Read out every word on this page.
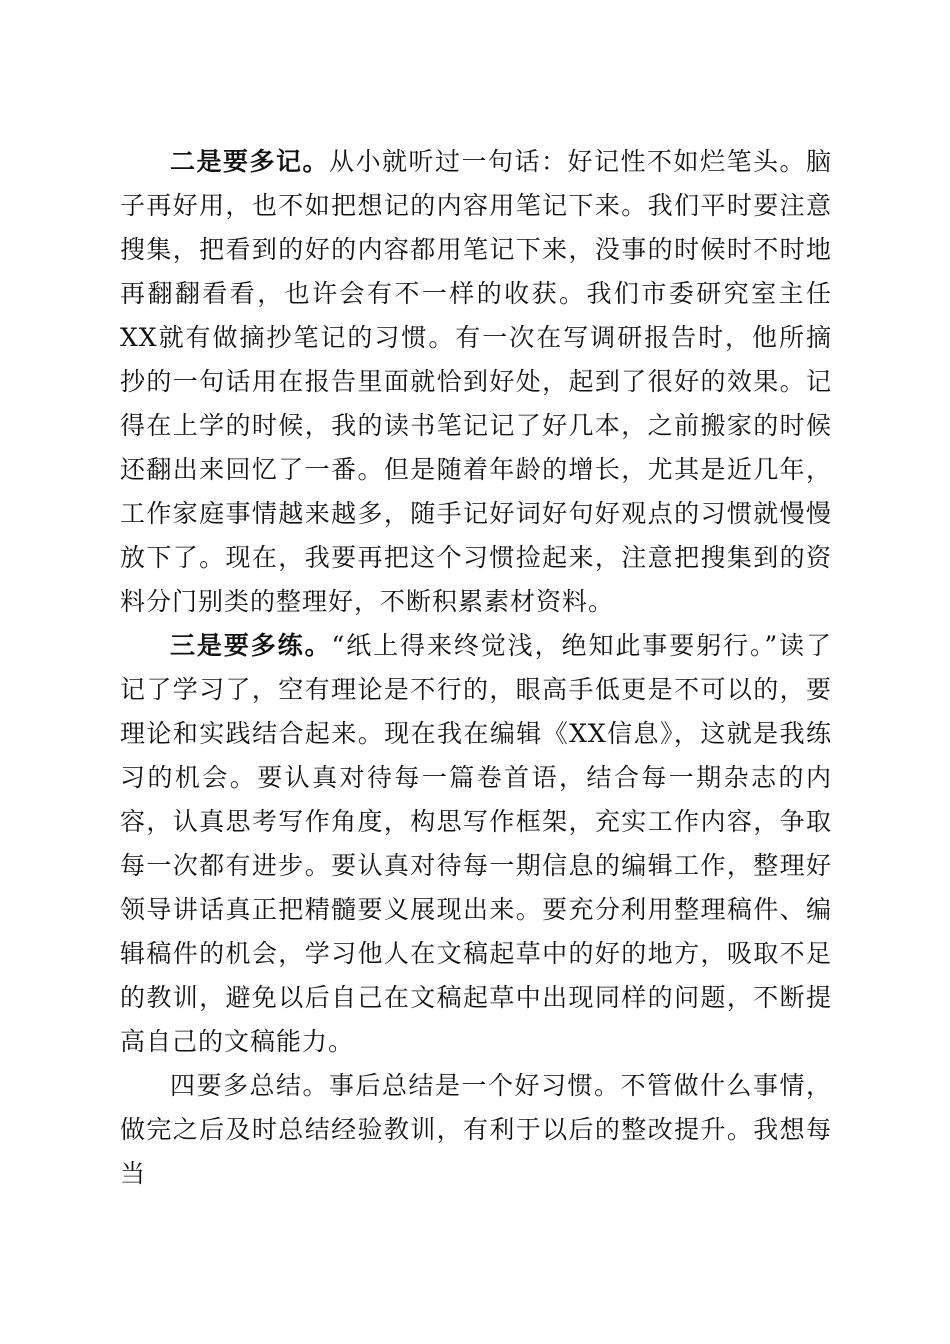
二是要多记。从小就听过一句话：好记性不如烂笔头。脑子再好用，也不如把想记的内容用笔记下来。我们平时要注意搜集，把看到的好的内容都用笔记下来，没事的时候时不时地再翻翻看看，也许会有不一样的收获。我们市委研究室主任XX就有做摘抄笔记的习惯。有一次在写调研报告时，他所摘抄的一句话用在报告里面就恰到好处，起到了很好的效果。记得在上学的时候，我的读书笔记记了好几本，之前搬家的时候还翻出来回忆了一番。但是随着年龄的增长，尤其是近几年，工作家庭事情越来越多，随手记好词好句好观点的习惯就慢慢放下了。现在，我要再把这个习惯捡起来，注意把搜集到的资料分门别类的整理好，不断积累素材资料。

三是要多练。“纸上得来终觉浅，绝知此事要躬行。”读了记了学习了，空有理论是不行的，眼高手低更是不可以的，要理论和实践结合起来。现在我在编辑《XX信息》，这就是我练习的机会。要认真对待每一篇卷首语，结合每一期杂志的内容，认真思考写作角度，构思写作框架，充实工作内容，争取每一次都有进步。要认真对待每一期信息的编辑工作，整理好领导讲话真正把精髓要义展现出来。要充分利用整理稿件、编辑稿件的机会，学习他人在文稿起草中的好的地方，吸取不足的教训，避免以后自己在文稿起草中出现同样的问题，不断提高自己的文稿能力。

四要多总结。事后总结是一个好习惯。不管做什么事情，做完之后及时总结经验教训，有利于以后的整改提升。我想每当
